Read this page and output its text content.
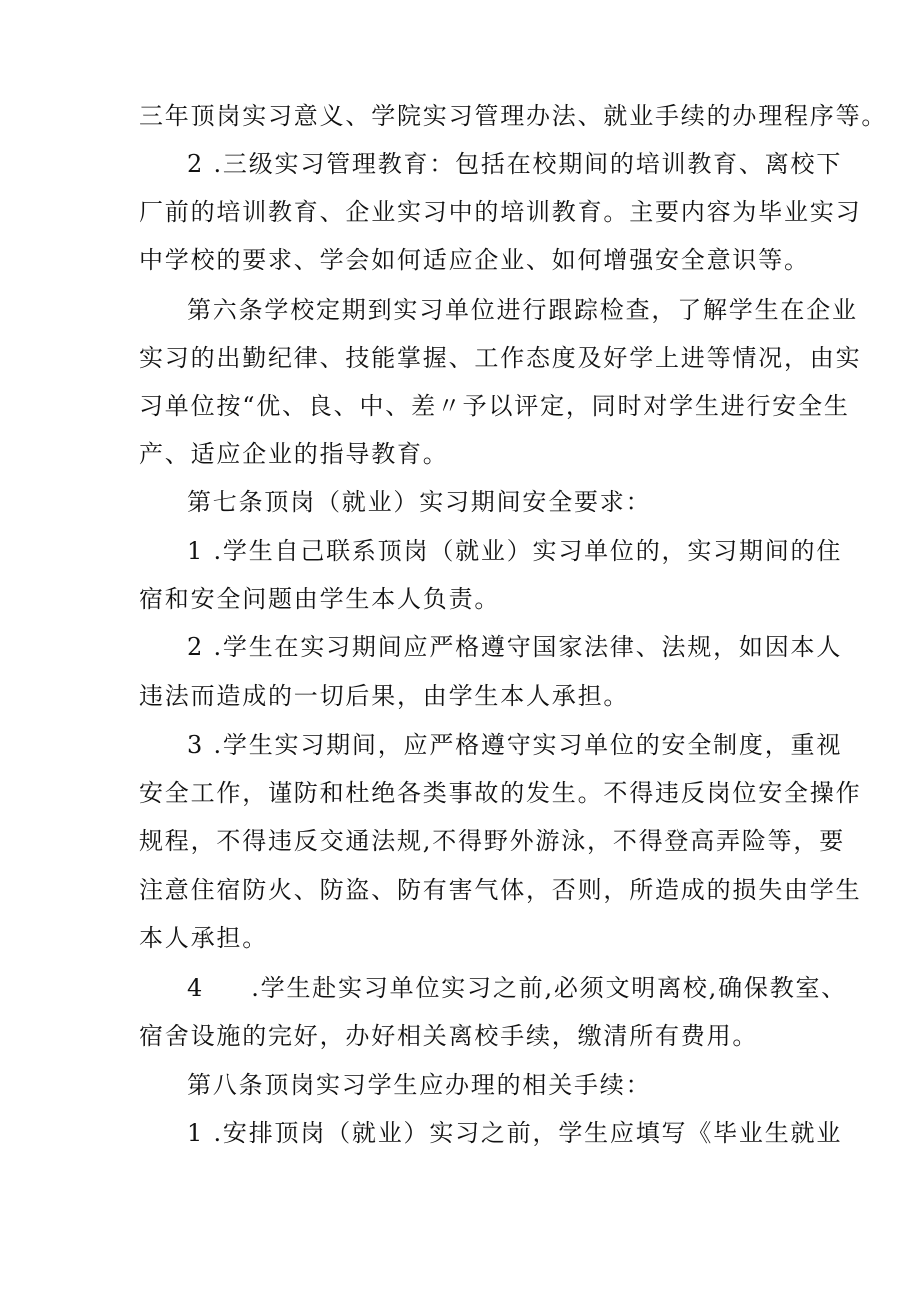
三年顶岗实习意义、学院实习管理办法、就业手续的办理程序等。
2 .三级实习管理教育：包括在校期间的培训教育、离校下
厂前的培训教育、企业实习中的培训教育。主要内容为毕业实习
中学校的要求、学会如何适应企业、如何增强安全意识等。
第六条学校定期到实习单位进行跟踪检查，了解学生在企业
实习的出勤纪律、技能掌握、工作态度及好学上进等情况，由实
习单位按“优、良、中、差〃予以评定，同时对学生进行安全生
产、适应企业的指导教育。
第七条顶岗（就业）实习期间安全要求：
1 .学生自己联系顶岗（就业）实习单位的，实习期间的住
宿和安全问题由学生本人负责。
2 .学生在实习期间应严格遵守国家法律、法规，如因本人
违法而造成的一切后果，由学生本人承担。
3 .学生实习期间，应严格遵守实习单位的安全制度，重视
安全工作，谨防和杜绝各类事故的发生。不得违反岗位安全操作
规程，不得违反交通法规,不得野外游泳，不得登高弄险等，要
注意住宿防火、防盗、防有害气体，否则，所造成的损失由学生
本人承担。
4     .学生赴实习单位实习之前,必须文明离校,确保教室、
宿舍设施的完好，办好相关离校手续，缴清所有费用。
第八条顶岗实习学生应办理的相关手续：
1 .安排顶岗（就业）实习之前，学生应填写《毕业生就业
